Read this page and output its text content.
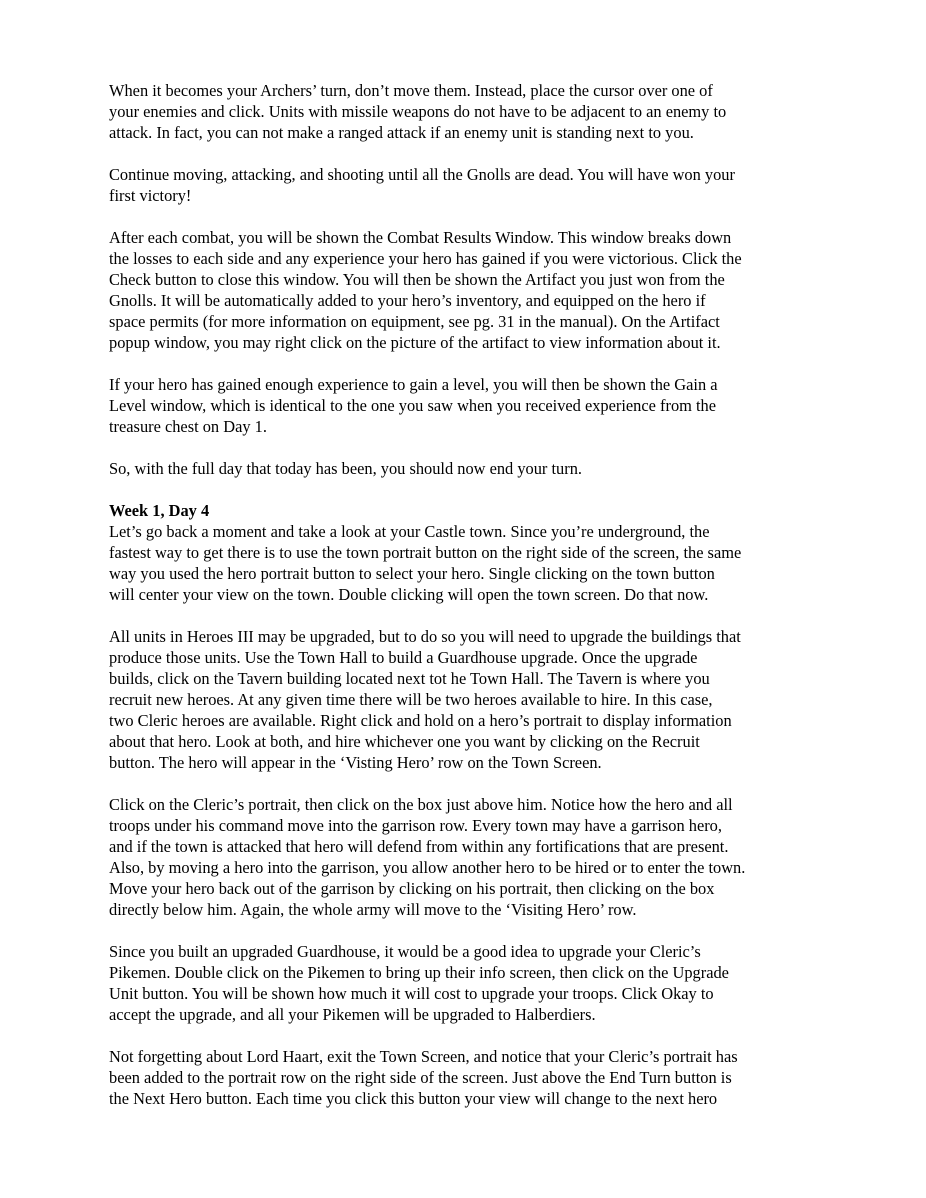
When it becomes your Archers’ turn, don’t move them. Instead, place the cursor over one of
your enemies and click. Units with missile weapons do not have to be adjacent to an enemy to
attack. In fact, you can not make a ranged attack if an enemy unit is standing next to you.

Continue moving, attacking, and shooting until all the Gnolls are dead. You will have won your
first victory!

After each combat, you will be shown the Combat Results Window. This window breaks down
the losses to each side and any experience your hero has gained if you were victorious. Click the
Check button to close this window. You will then be shown the Artifact you just won from the
Gnolls. It will be automatically added to your hero’s inventory, and equipped on the hero if
space permits (for more information on equipment, see pg. 31 in the manual). On the Artifact
popup window, you may right click on the picture of the artifact to view information about it.

If your hero has gained enough experience to gain a level, you will then be shown the Gain a
Level window, which is identical to the one you saw when you received experience from the
treasure chest on Day 1.

So, with the full day that today has been, you should now end your turn.

Week 1, Day 4

Let’s go back a moment and take a look at your Castle town. Since you’re underground, the
fastest way to get there is to use the town portrait button on the right side of the screen, the same
way you used the hero portrait button to select your hero. Single clicking on the town button
will center your view on the town. Double clicking will open the town screen. Do that now.

All units in Heroes III may be upgraded, but to do so you will need to upgrade the buildings that
produce those units. Use the Town Hall to build a Guardhouse upgrade. Once the upgrade
builds, click on the Tavern building located next tot he Town Hall. The Tavern is where you
recruit new heroes. At any given time there will be two heroes available to hire. In this case,
two Cleric heroes are available. Right click and hold on a hero’s portrait to display information
about that hero. Look at both, and hire whichever one you want by clicking on the Recruit
button. The hero will appear in the ‘Visting Hero’ row on the Town Screen.

Click on the Cleric’s portrait, then click on the box just above him. Notice how the hero and all
troops under his command move into the garrison row. Every town may have a garrison hero,
and if the town is attacked that hero will defend from within any fortifications that are present.
Also, by moving a hero into the garrison, you allow another hero to be hired or to enter the town.
Move your hero back out of the garrison by clicking on his portrait, then clicking on the box
directly below him. Again, the whole army will move to the ‘Visiting Hero’ row.

Since you built an upgraded Guardhouse, it would be a good idea to upgrade your Cleric’s
Pikemen. Double click on the Pikemen to bring up their info screen, then click on the Upgrade
Unit button. You will be shown how much it will cost to upgrade your troops. Click Okay to
accept the upgrade, and all your Pikemen will be upgraded to Halberdiers.

Not forgetting about Lord Haart, exit the Town Screen, and notice that your Cleric’s portrait has
been added to the portrait row on the right side of the screen. Just above the End Turn button is
the Next Hero button. Each time you click this button your view will change to the next hero
